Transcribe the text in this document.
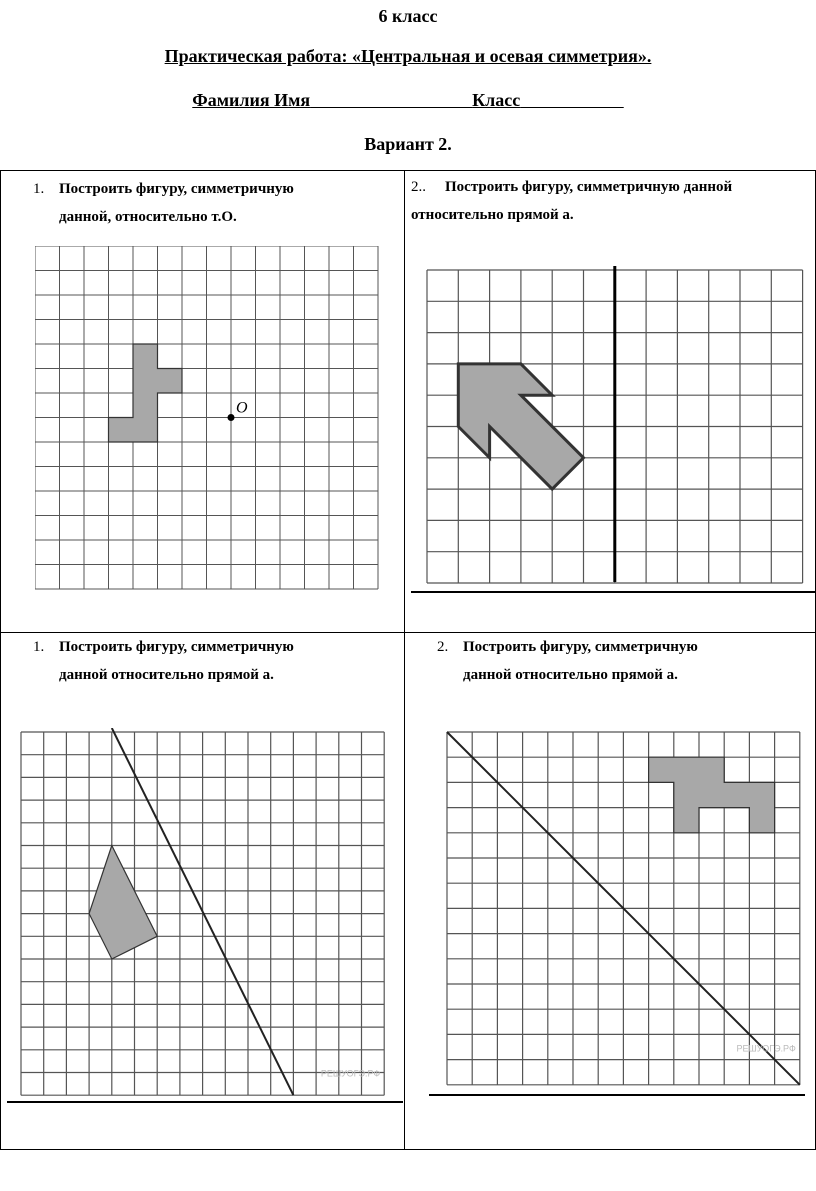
6 класс
Практическая работа: «Центральная и осевая симметрия».
Фамилия Имя	Класс
Вариант 2.
1. Построить фигуру, симметричную
данной, относительно т.О.
O	2.. Построить фигуру, симметричную данной
относительно прямой а.

1. Построить фигуру, симметричную
данной относительно прямой а.
РЕШУОГЭ.РФ	2. Построить фигуру, симметричную
данной относительно прямой а.
РЕШУОГЭ.РФ
